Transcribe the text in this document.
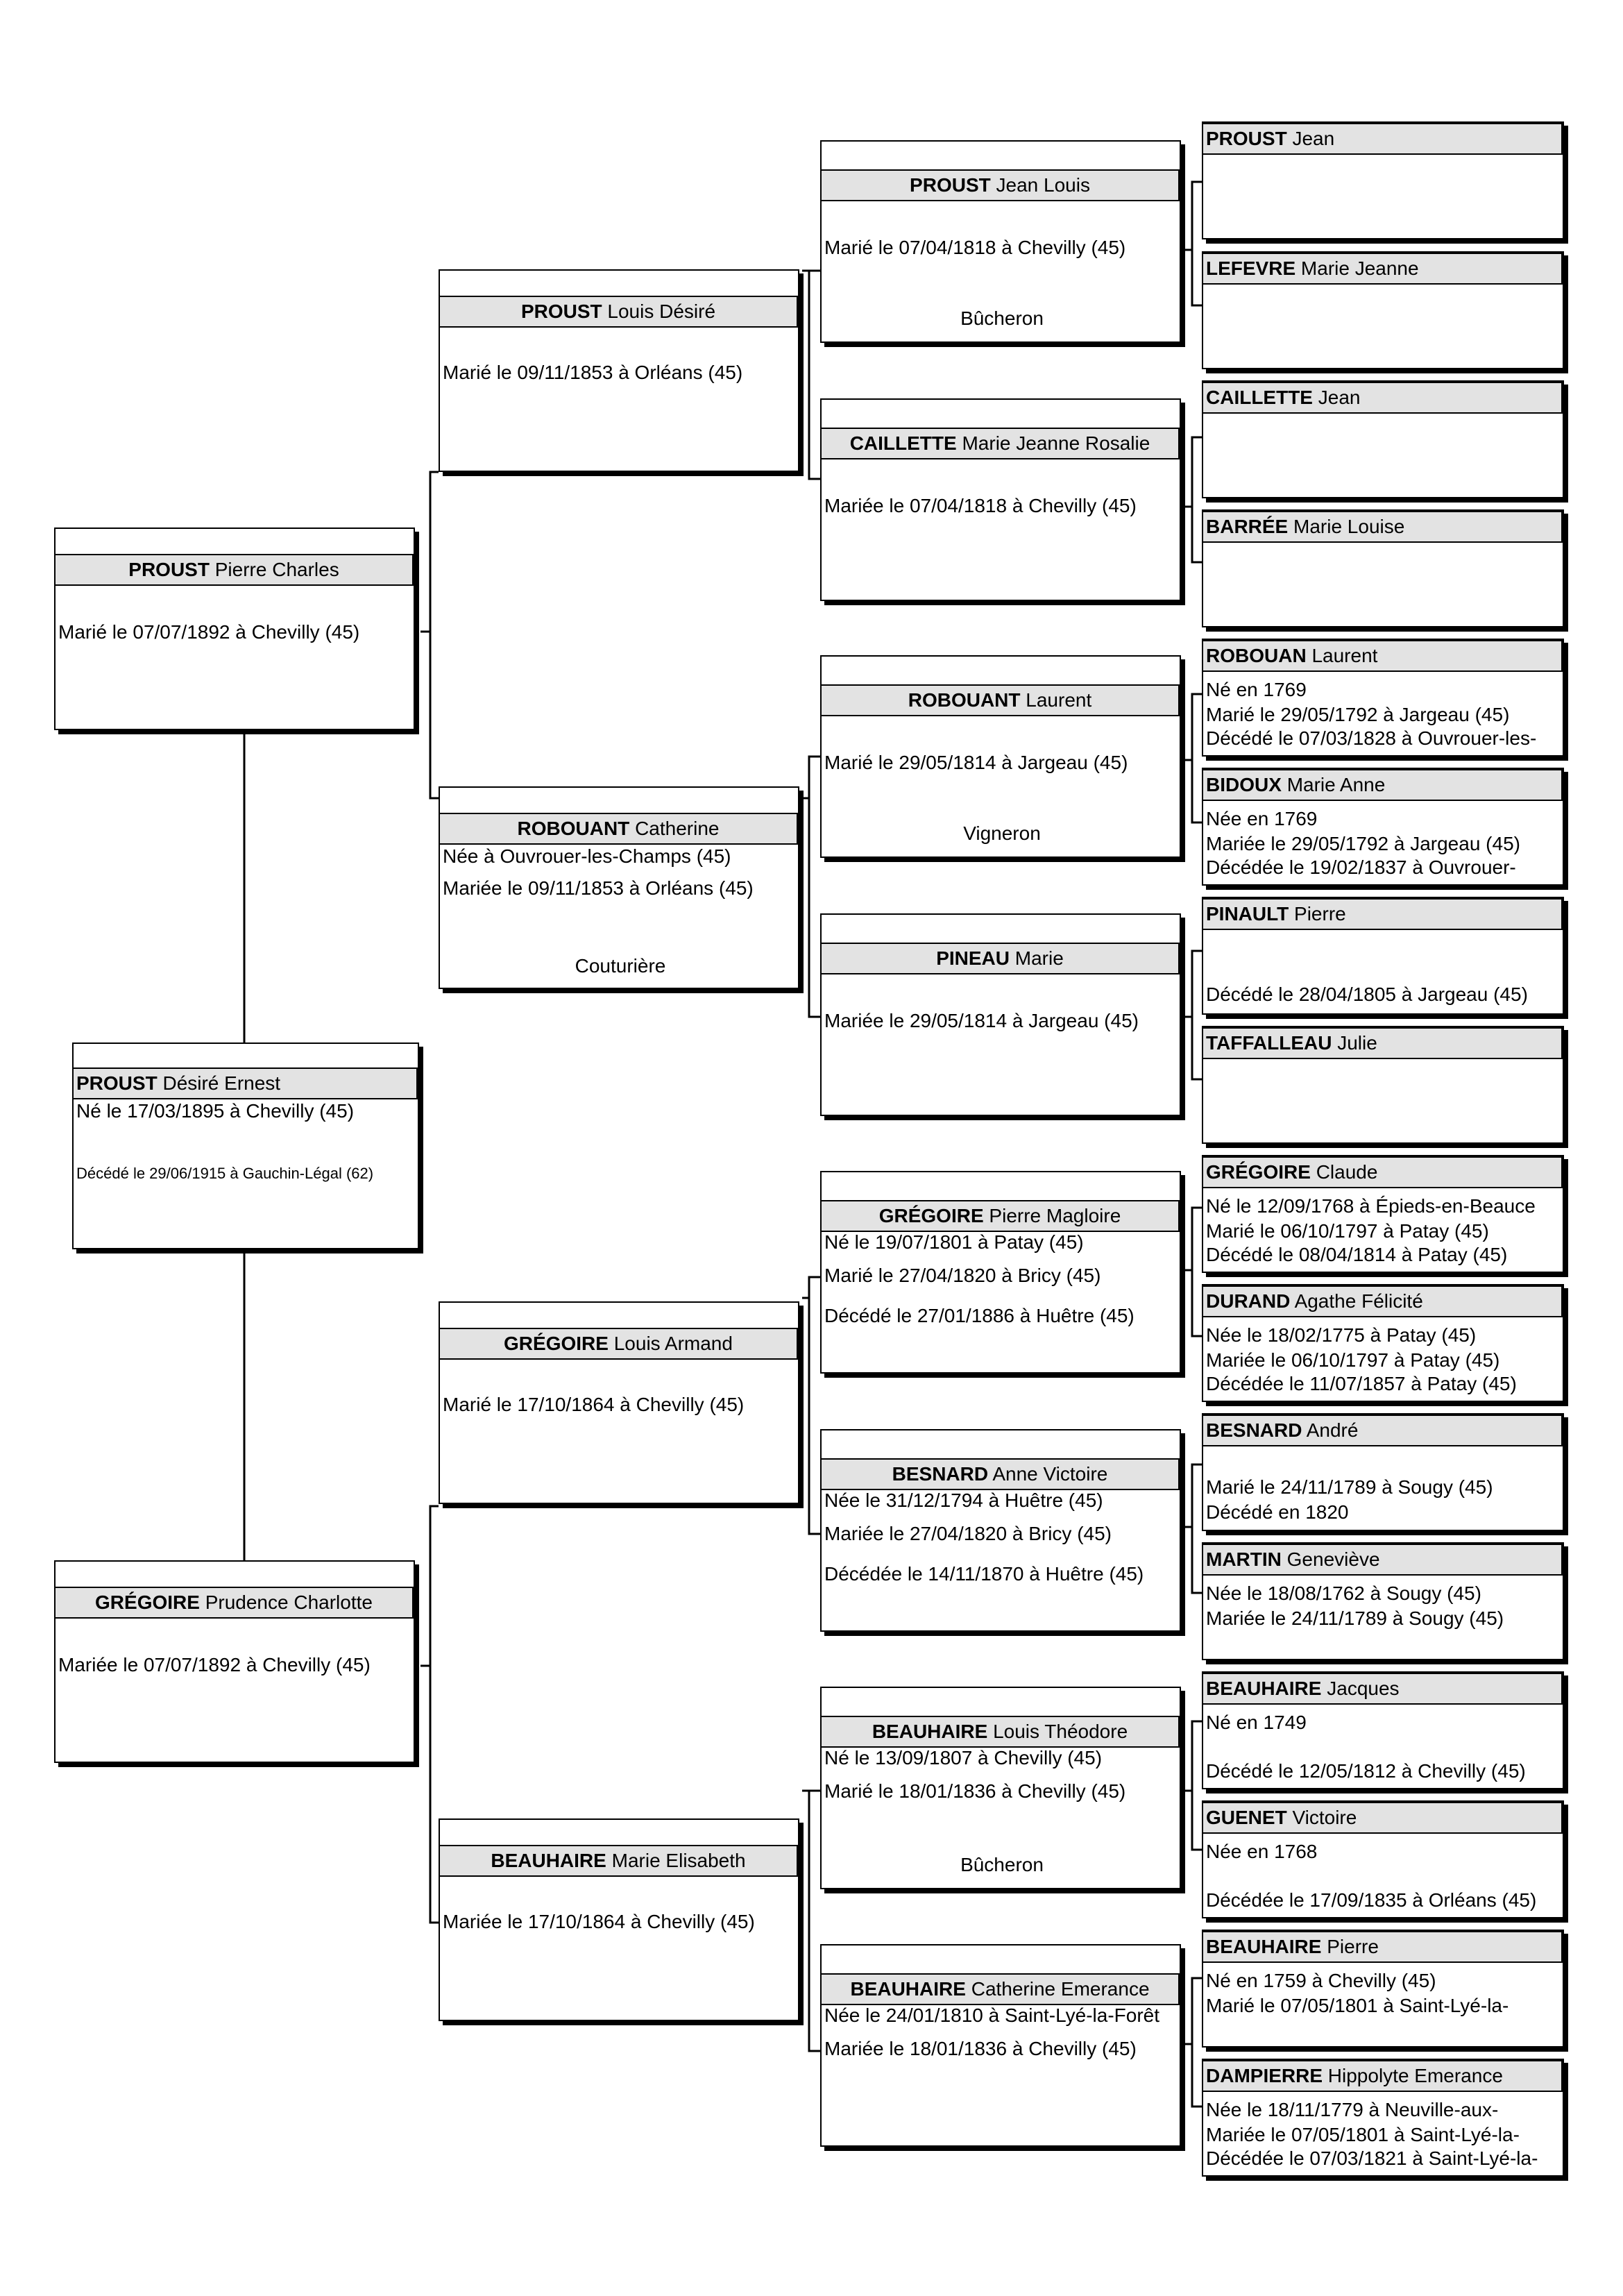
PROUST Désiré Ernest
Né le 17/03/1895 à Chevilly (45)
Décédé le 29/06/1915 à Gauchin-Légal (62)
PROUST Pierre Charles
Marié le 07/07/1892 à Chevilly (45)
GRÉGOIRE Prudence Charlotte
Mariée le 07/07/1892 à Chevilly (45)
PROUST Louis Désiré
Marié le 09/11/1853 à Orléans (45)
ROBOUANT Catherine
Née à Ouvrouer-les-Champs (45)
Mariée le 09/11/1853 à Orléans (45)
Couturière
GRÉGOIRE Louis Armand
Marié le 17/10/1864 à Chevilly (45)
BEAUHAIRE Marie Elisabeth
Mariée le 17/10/1864 à Chevilly (45)
PROUST Jean Louis
Marié le 07/04/1818 à Chevilly (45)
Bûcheron
CAILLETTE Marie Jeanne Rosalie
Mariée le 07/04/1818 à Chevilly (45)
ROBOUANT Laurent
Marié le 29/05/1814 à Jargeau (45)
Vigneron
PINEAU Marie
Mariée le 29/05/1814 à Jargeau (45)
GRÉGOIRE Pierre Magloire
Né le 19/07/1801 à Patay (45)
Marié le 27/04/1820 à Bricy (45)
Décédé le 27/01/1886 à Huêtre (45)
BESNARD Anne Victoire
Née le 31/12/1794 à Huêtre (45)
Mariée le 27/04/1820 à Bricy (45)
Décédée le 14/11/1870 à Huêtre (45)
BEAUHAIRE Louis Théodore
Né le 13/09/1807 à Chevilly (45)
Marié le 18/01/1836 à Chevilly (45)
Bûcheron
BEAUHAIRE Catherine Emerance
Née le 24/01/1810 à Saint-Lyé-la-Forêt
Mariée le 18/01/1836 à Chevilly (45)
PROUST Jean
LEFEVRE Marie Jeanne
CAILLETTE Jean
BARRÉE Marie Louise
ROBOUAN Laurent
Né en 1769
Marié le 29/05/1792 à Jargeau (45)
Décédé le 07/03/1828 à Ouvrouer-les-
BIDOUX Marie Anne
Née en 1769
Mariée le 29/05/1792 à Jargeau (45)
Décédée le 19/02/1837 à Ouvrouer-
PINAULT Pierre
Décédé le 28/04/1805 à Jargeau (45)
TAFFALLEAU Julie
GRÉGOIRE Claude
Né le 12/09/1768 à Épieds-en-Beauce
Marié le 06/10/1797 à Patay (45)
Décédé le 08/04/1814 à Patay (45)
DURAND Agathe Félicité
Née le 18/02/1775 à Patay (45)
Mariée le 06/10/1797 à Patay (45)
Décédée le 11/07/1857 à Patay (45)
BESNARD André
Marié le 24/11/1789 à Sougy (45)
Décédé en 1820
MARTIN Geneviève
Née le 18/08/1762 à Sougy (45)
Mariée le 24/11/1789 à Sougy (45)
BEAUHAIRE Jacques
Né en 1749
Décédé le 12/05/1812 à Chevilly (45)
GUENET Victoire
Née en 1768
Décédée le 17/09/1835 à Orléans (45)
BEAUHAIRE Pierre
Né en 1759 à Chevilly (45)
Marié le 07/05/1801 à Saint-Lyé-la-
DAMPIERRE Hippolyte Emerance
Née le 18/11/1779 à Neuville-aux-
Mariée le 07/05/1801 à Saint-Lyé-la-
Décédée le 07/03/1821 à Saint-Lyé-la-
